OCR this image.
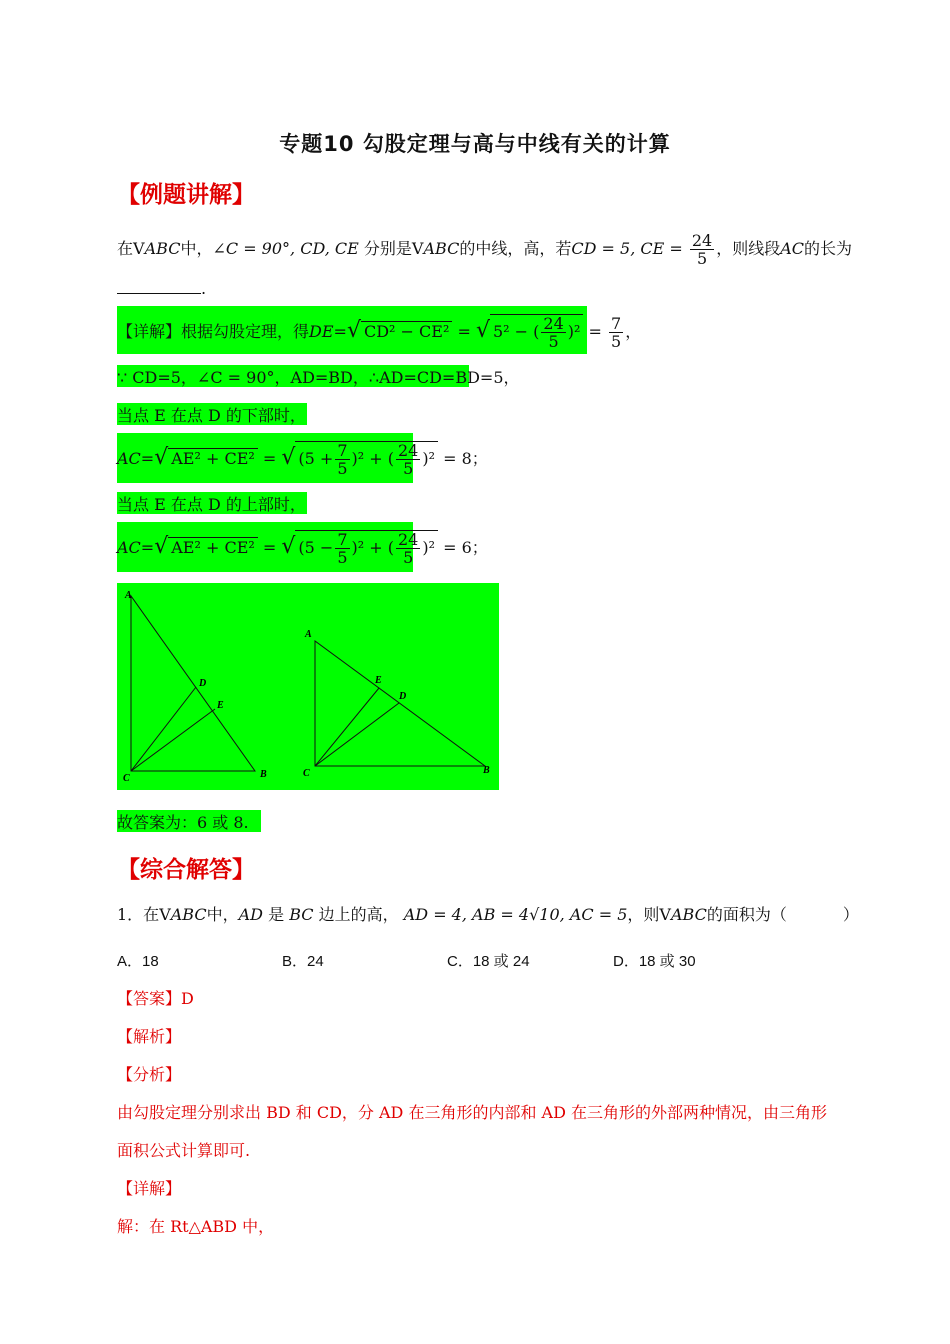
专题10 勾股定理与高与中线有关的计算
【例题讲解】
在VABC中，∠C = 90°, CD, CE 分别是VABC的中线，高，若CD = 5, CE = $\frac{24}{5}$ ，则线段AC的长为
.
【详解】根据勾股定理，得DE=√ CD² − CE² = √ 5² − ( $\frac{24}{5} )^2 = \frac{7}{5}$ ，
∵ CD=5，∠C = 90°，AD=BD，∴AD=CD=BD=5，
当点 E 在点 D 的下部时，
AC=√ AE² + CE² = √ $(5 + \frac{7}{5} )^2$ + ( $\frac{24}{5} )^2 = 8$；
当点 E 在点 D 的上部时，
AC=√ AE² + CE² = √ $(5 - \frac{7}{5} )^2$ + ( $\frac{24}{5} )^2 = 6$；
A
C	B
D
E
A
C	B
E
D
故答案为：6 或 8.
【综合解答】
1．在VABC中，AD 是 BC 边上的高， AD = 4, AB = 4√10, AC = 5，则VABC的面积为（	）
A．18	B．24	C．18 或 24	D．18 或 30
【答案】D
【解析】
【分析】
由勾股定理分别求出 BD 和 CD，分 AD 在三角形的内部和 AD 在三角形的外部两种情况，由三角形
面积公式计算即可.
【详解】
解：在 Rt△ABD 中，
